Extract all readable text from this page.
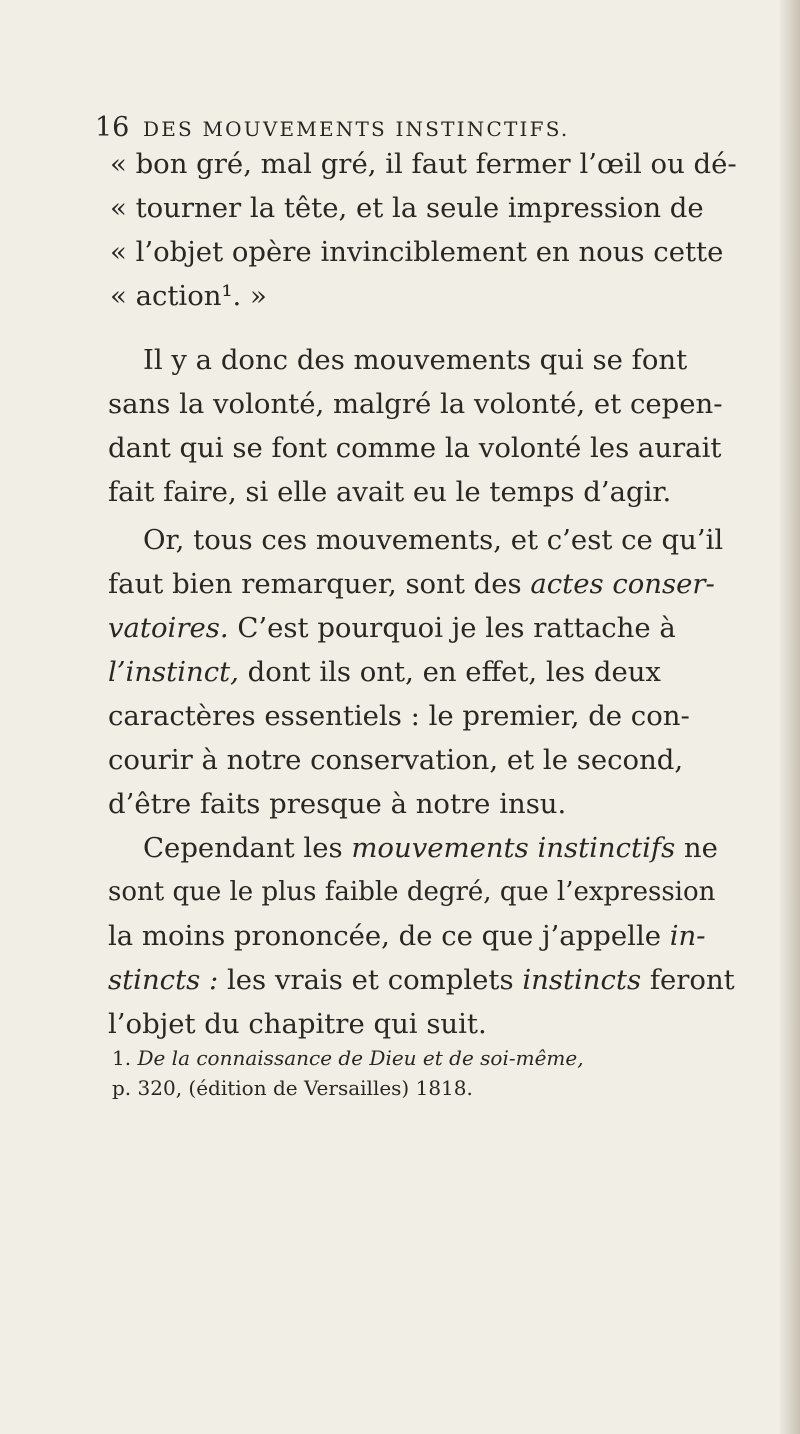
16 DES MOUVEMENTS INSTINCTIFS.
« bon gré, mal gré, il faut fermer l’œil ou dé-
« tourner la tête, et la seule impression de
« l’objet opère invinciblement en nous cette
« action¹. »
Il y a donc des mouvements qui se font
sans la volonté, malgré la volonté, et cepen-
dant qui se font comme la volonté les aurait
fait faire, si elle avait eu le temps d’agir.
Or, tous ces mouvements, et c’est ce qu’il
faut bien remarquer, sont des actes conser-
vatoires. C’est pourquoi je les rattache à
l’instinct, dont ils ont, en effet, les deux
caractères essentiels : le premier, de con-
courir à notre conservation, et le second,
d’être faits presque à notre insu.
Cependant les mouvements instinctifs ne
sont que le plus faible degré, que l’expression
la moins prononcée, de ce que j’appelle in-
stincts : les vrais et complets instincts feront
l’objet du chapitre qui suit.
1. De la connaissance de Dieu et de soi-même,
p. 320, (édition de Versailles) 1818.
